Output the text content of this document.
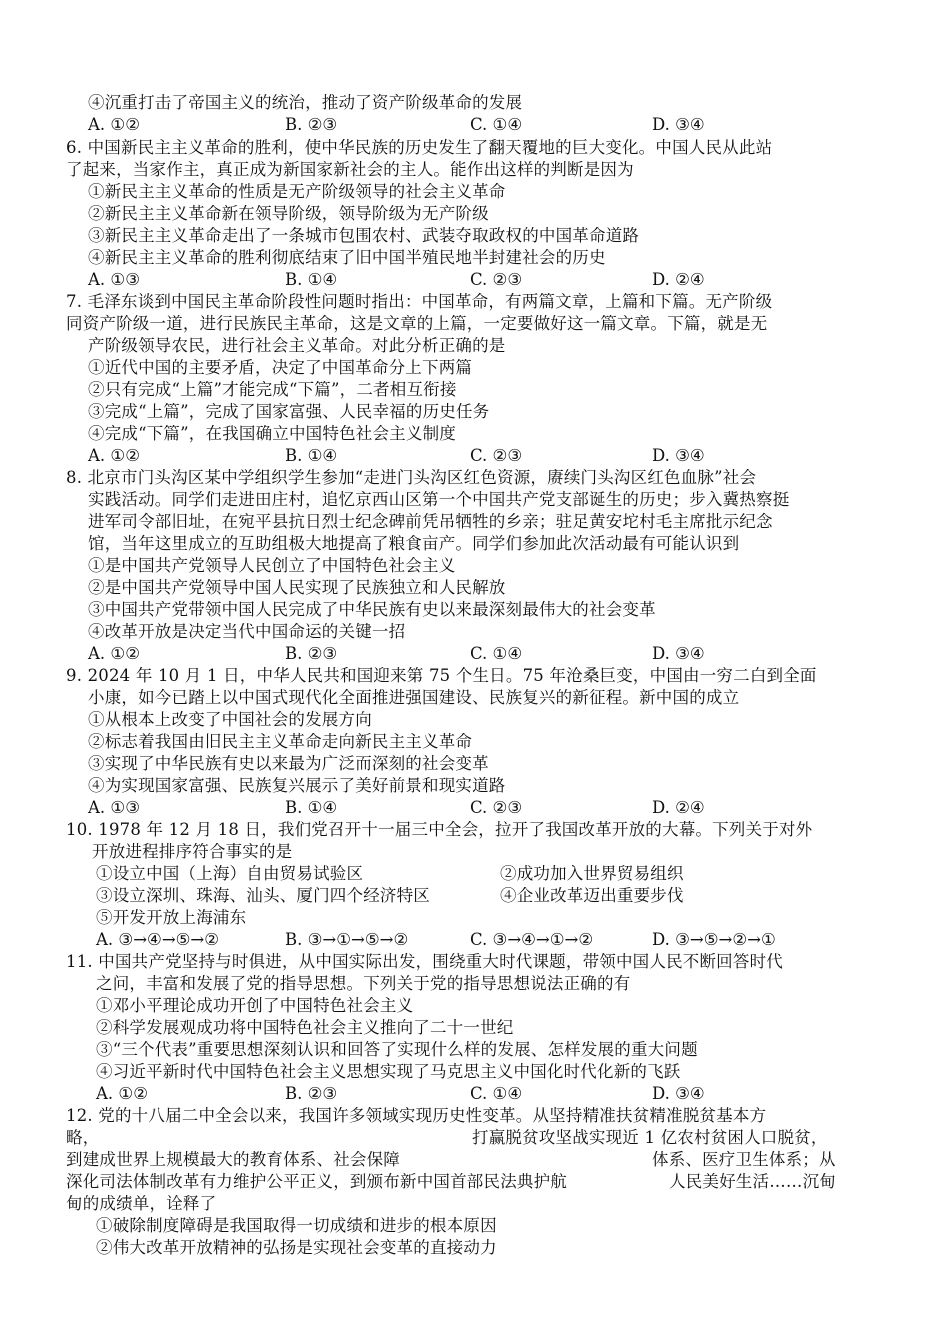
④沉重打击了帝国主义的统治，推动了资产阶级革命的发展
A. ①②	B. ②③	C. ①④	D. ③④
6. 中国新民主主义革命的胜利，使中华民族的历史发生了翻天覆地的巨大变化。中国人民从此站
了起来，当家作主，真正成为新国家新社会的主人。能作出这样的判断是因为
①新民主主义革命的性质是无产阶级领导的社会主义革命
②新民主主义革命新在领导阶级，领导阶级为无产阶级
③新民主主义革命走出了一条城市包围农村、武装夺取政权的中国革命道路
④新民主主义革命的胜利彻底结束了旧中国半殖民地半封建社会的历史
A. ①③	B. ①④	C. ②③	D. ②④
7. 毛泽东谈到中国民主革命阶段性问题时指出：中国革命，有两篇文章，上篇和下篇。无产阶级
同资产阶级一道，进行民族民主革命，这是文章的上篇，一定要做好这一篇文章。下篇，就是无
产阶级领导农民，进行社会主义革命。对此分析正确的是
①近代中国的主要矛盾，决定了中国革命分上下两篇
②只有完成“上篇”才能完成“下篇”，二者相互衔接
③完成“上篇”，完成了国家富强、人民幸福的历史任务
④完成“下篇”，在我国确立中国特色社会主义制度
A. ①②	B. ①④	C. ②③	D. ③④
8. 北京市门头沟区某中学组织学生参加“走进门头沟区红色资源，赓续门头沟区红色血脉”社会
实践活动。同学们走进田庄村，追忆京西山区第一个中国共产党支部诞生的历史；步入冀热察挺
进军司令部旧址，在宛平县抗日烈士纪念碑前凭吊牺牲的乡亲；驻足黄安坨村毛主席批示纪念
馆，当年这里成立的互助组极大地提高了粮食亩产。同学们参加此次活动最有可能认识到
①是中国共产党领导人民创立了中国特色社会主义
②是中国共产党领导中国人民实现了民族独立和人民解放
③中国共产党带领中国人民完成了中华民族有史以来最深刻最伟大的社会变革
④改革开放是决定当代中国命运的关键一招
A. ①②	B. ②③	C. ①④	D. ③④
9. 2024 年 10 月 1 日，中华人民共和国迎来第 75 个生日。75 年沧桑巨变，中国由一穷二白到全面
小康，如今已踏上以中国式现代化全面推进强国建设、民族复兴的新征程。新中国的成立
①从根本上改变了中国社会的发展方向
②标志着我国由旧民主主义革命走向新民主主义革命
③实现了中华民族有史以来最为广泛而深刻的社会变革
④为实现国家富强、民族复兴展示了美好前景和现实道路
A. ①③	B. ①④	C. ②③	D. ②④
10. 1978 年 12 月 18 日，我们党召开十一届三中全会，拉开了我国改革开放的大幕。下列关于对外
开放进程排序符合事实的是
①设立中国（上海）自由贸易试验区	②成功加入世界贸易组织
③设立深圳、珠海、汕头、厦门四个经济特区	④企业改革迈出重要步伐
⑤开发开放上海浦东
A. ③→④→⑤→②	B. ③→①→⑤→②	C. ③→④→①→②	D. ③→⑤→②→①
11. 中国共产党坚持与时俱进，从中国实际出发，围绕重大时代课题，带领中国人民不断回答时代
之问，丰富和发展了党的指导思想。下列关于党的指导思想说法正确的有
①邓小平理论成功开创了中国特色社会主义
②科学发展观成功将中国特色社会主义推向了二十一世纪
③“三个代表”重要思想深刻认识和回答了实现什么样的发展、怎样发展的重大问题
④习近平新时代中国特色社会主义思想实现了马克思主义中国化时代化新的飞跃
A. ①②	B. ②③	C. ①④	D. ③④
12. 党的十八届二中全会以来，我国许多领域实现历史性变革。从坚持精准扶贫精准脱贫基本方
略，	打赢脱贫攻坚战实现近 1 亿农村贫困人口脱贫，
到建成世界上规模最大的教育体系、社会保障	体系、医疗卫生体系；从
深化司法体制改革有力维护公平正义，到颁布新中国首部民法典护航	人民美好生活……沉甸
甸的成绩单，诠释了
①破除制度障碍是我国取得一切成绩和进步的根本原因
②伟大改革开放精神的弘扬是实现社会变革的直接动力
